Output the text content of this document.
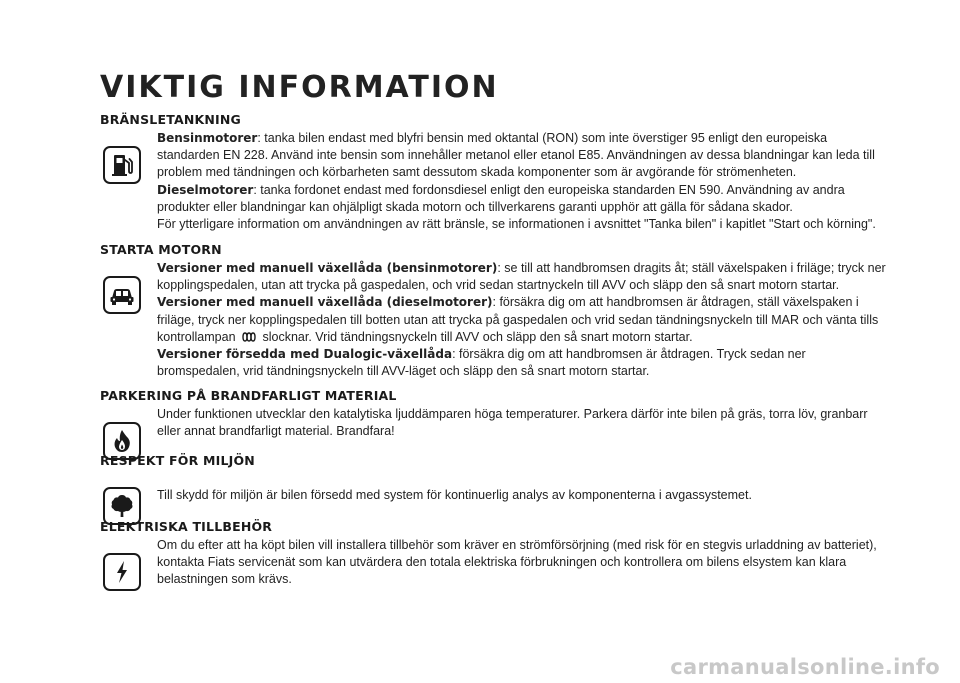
VIKTIG INFORMATION
BRÄNSLETANKNING

Bensinmotorer: tanka bilen endast med blyfri bensin med oktantal (RON) som inte överstiger 95 enligt den europeiska standarden EN 228. Använd inte bensin som innehåller metanol eller etanol E85. Användningen av dessa blandningar kan leda till problem med tändningen och körbarheten samt dessutom skada komponenter som är avgörande för strömenheten.
Dieselmotorer: tanka fordonet endast med fordonsdiesel enligt den europeiska standarden EN 590. Användning av andra produkter eller blandningar kan ohjälpligt skada motorn och tillverkarens garanti upphör att gälla för sådana skador.
För ytterligare information om användningen av rätt bränsle, se informationen i avsnittet "Tanka bilen" i kapitlet "Start och körning".

STARTA MOTORN

Versioner med manuell växellåda (bensinmotorer): se till att handbromsen dragits åt; ställ växelspaken i friläge; tryck ner kopplingspedalen, utan att trycka på gaspedalen, och vrid sedan startnyckeln till AVV och släpp den så snart motorn startar.
Versioner med manuell växellåda (dieselmotorer): försäkra dig om att handbromsen är åtdragen, ställ växelspaken i friläge, tryck ner kopplingspedalen till botten utan att trycka på gaspedalen och vrid sedan tändningsnyckeln till MAR och vänta tills kontrollampan slocknar. Vrid tändningsnyckeln till AVV och släpp den så snart motorn startar.
Versioner försedda med Dualogic-växellåda: försäkra dig om att handbromsen är åtdragen. Tryck sedan ner bromspedalen, vrid tändningsnyckeln till AVV-läget och släpp den så snart motorn startar.

PARKERING PÅ BRANDFARLIGT MATERIAL

Under funktionen utvecklar den katalytiska ljuddämparen höga temperaturer. Parkera därför inte bilen på gräs, torra löv, granbarr eller annat brandfarligt material. Brandfara!

RESPEKT FÖR MILJÖN

Till skydd för miljön är bilen försedd med system för kontinuerlig analys av komponenterna i avgassystemet.

ELEKTRISKA TILLBEHÖR

Om du efter att ha köpt bilen vill installera tillbehör som kräver en strömförsörjning (med risk för en stegvis urladdning av batteriet), kontakta Fiats servicenät som kan utvärdera den totala elektriska förbrukningen och kontrollera om bilens elsystem kan klara belastningen som krävs.

carmanualsonline.info
